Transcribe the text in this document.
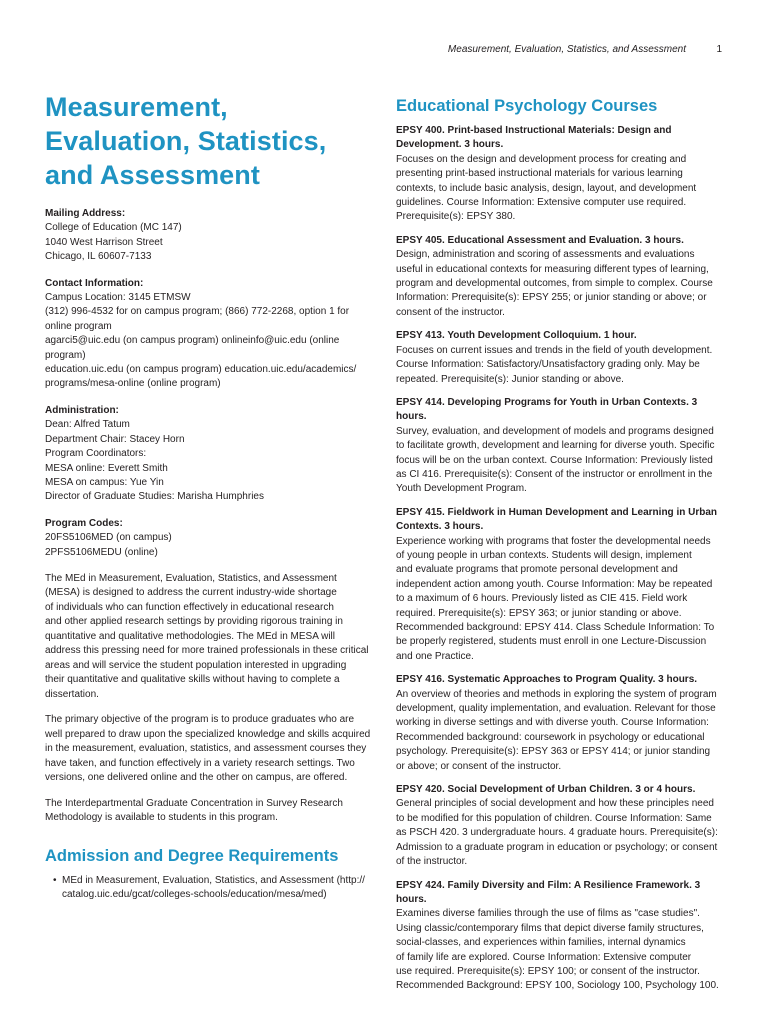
Measurement, Evaluation, Statistics, and Assessment	1
Measurement,
Evaluation, Statistics,
and Assessment
Mailing Address:
College of Education (MC 147)
1040 West Harrison Street
Chicago, IL 60607-7133
Contact Information:
Campus Location: 3145 ETMSW
(312) 996-4532 for on campus program; (866) 772-2268, option 1 for
online program
agarci5@uic.edu (on campus program) onlineinfo@uic.edu (online
program)
education.uic.edu (on campus program) education.uic.edu/academics/
programs/mesa-online (online program)
Administration:
Dean: Alfred Tatum
Department Chair: Stacey Horn
Program Coordinators:
MESA online: Everett Smith
MESA on campus: Yue Yin
Director of Graduate Studies: Marisha Humphries
Program Codes:
20FS5106MED (on campus)
2PFS5106MEDU (online)

The MEd in Measurement, Evaluation, Statistics, and Assessment
(MESA) is designed to address the current industry-wide shortage
of individuals who can function effectively in educational research
and other applied research settings by providing rigorous training in
quantitative and qualitative methodologies. The MEd in MESA will
address this pressing need for more trained professionals in these critical
areas and will service the student population interested in upgrading
their quantitative and qualitative skills without having to complete a
dissertation.

The primary objective of the program is to produce graduates who are
well prepared to draw upon the specialized knowledge and skills acquired
in the measurement, evaluation, statistics, and assessment courses they
have taken, and function effectively in a variety research settings. Two
versions, one delivered online and the other on campus, are offered.

The Interdepartmental Graduate Concentration in Survey Research
Methodology is available to students in this program.

Admission and Degree Requirements
• MEd in Measurement, Evaluation, Statistics, and Assessment (http://
catalog.uic.edu/gcat/colleges-schools/education/mesa/med)
Educational Psychology Courses
EPSY 400. Print-based Instructional Materials: Design and
Development. 3 hours.
Focuses on the design and development process for creating and
presenting print-based instructional materials for various learning
contexts, to include basic analysis, design, layout, and development
guidelines. Course Information: Extensive computer use required.
Prerequisite(s): EPSY 380.
EPSY 405. Educational Assessment and Evaluation. 3 hours.
Design, administration and scoring of assessments and evaluations
useful in educational contexts for measuring different types of learning,
program and developmental outcomes, from simple to complex. Course
Information: Prerequisite(s): EPSY 255; or junior standing or above; or
consent of the instructor.
EPSY 413. Youth Development Colloquium. 1 hour.
Focuses on current issues and trends in the field of youth development.
Course Information: Satisfactory/Unsatisfactory grading only. May be
repeated. Prerequisite(s): Junior standing or above.
EPSY 414. Developing Programs for Youth in Urban Contexts. 3
hours.
Survey, evaluation, and development of models and programs designed
to facilitate growth, development and learning for diverse youth. Specific
focus will be on the urban context. Course Information: Previously listed
as CI 416. Prerequisite(s): Consent of the instructor or enrollment in the
Youth Development Program.
EPSY 415. Fieldwork in Human Development and Learning in Urban
Contexts. 3 hours.
Experience working with programs that foster the developmental needs
of young people in urban contexts. Students will design, implement
and evaluate programs that promote personal development and
independent action among youth. Course Information: May be repeated
to a maximum of 6 hours. Previously listed as CIE 415. Field work
required. Prerequisite(s): EPSY 363; or junior standing or above.
Recommended background: EPSY 414. Class Schedule Information: To
be properly registered, students must enroll in one Lecture-Discussion
and one Practice.
EPSY 416. Systematic Approaches to Program Quality. 3 hours.
An overview of theories and methods in exploring the system of program
development, quality implementation, and evaluation. Relevant for those
working in diverse settings and with diverse youth. Course Information:
Recommended background: coursework in psychology or educational
psychology. Prerequisite(s): EPSY 363 or EPSY 414; or junior standing
or above; or consent of the instructor.
EPSY 420. Social Development of Urban Children. 3 or 4 hours.
General principles of social development and how these principles need
to be modified for this population of children. Course Information: Same
as PSCH 420. 3 undergraduate hours. 4 graduate hours. Prerequisite(s):
Admission to a graduate program in education or psychology; or consent
of the instructor.
EPSY 424. Family Diversity and Film: A Resilience Framework. 3
hours.
Examines diverse families through the use of films as "case studies".
Using classic/contemporary films that depict diverse family structures,
social-classes, and experiences within families, internal dynamics
of family life are explored. Course Information: Extensive computer
use required. Prerequisite(s): EPSY 100; or consent of the instructor.
Recommended Background: EPSY 100, Sociology 100, Psychology 100.
